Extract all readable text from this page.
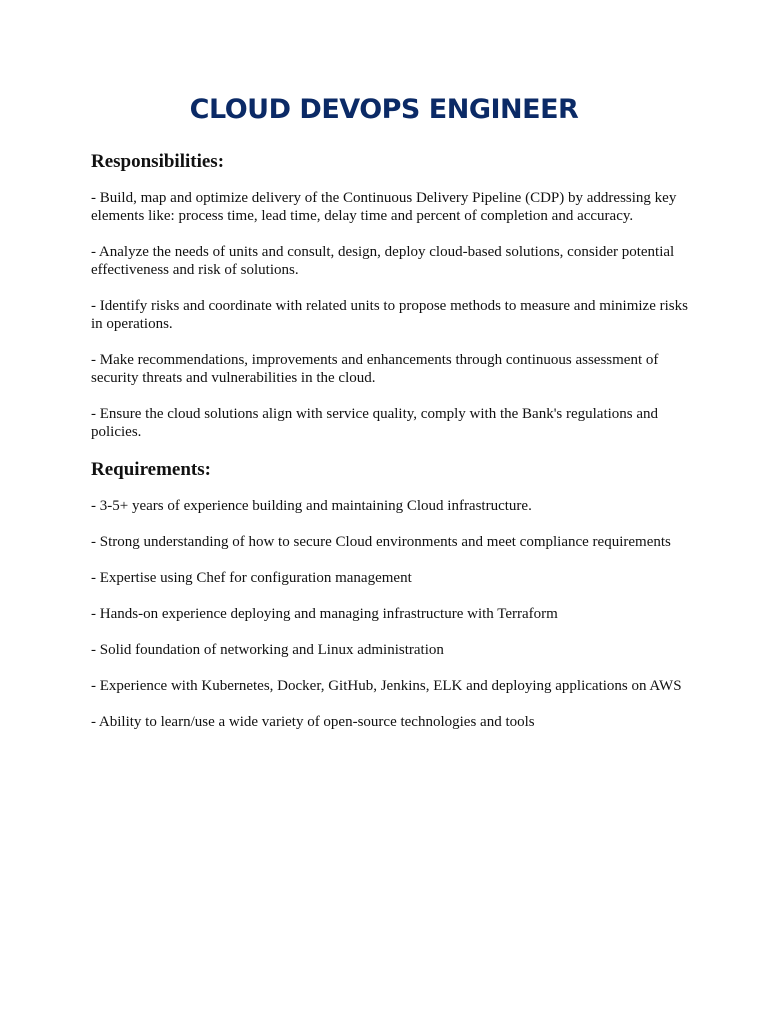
CLOUD DEVOPS ENGINEER
Responsibilities:

- Build, map and optimize delivery of the Continuous Delivery Pipeline (CDP) by addressing key elements like: process time, lead time, delay time and percent of completion and accuracy.

- Analyze the needs of units and consult, design, deploy cloud-based solutions, consider potential effectiveness and risk of solutions.

- Identify risks and coordinate with related units to propose methods to measure and minimize risks in operations.

- Make recommendations, improvements and enhancements through continuous assessment of security threats and vulnerabilities in the cloud.

- Ensure the cloud solutions align with service quality, comply with the Bank's regulations and policies.

Requirements:

- 3-5+ years of experience building and maintaining Cloud infrastructure.

- Strong understanding of how to secure Cloud environments and meet compliance requirements

- Expertise using Chef for configuration management

- Hands-on experience deploying and managing infrastructure with Terraform

- Solid foundation of networking and Linux administration

- Experience with Kubernetes, Docker, GitHub, Jenkins, ELK and deploying applications on AWS

- Ability to learn/use a wide variety of open-source technologies and tools
